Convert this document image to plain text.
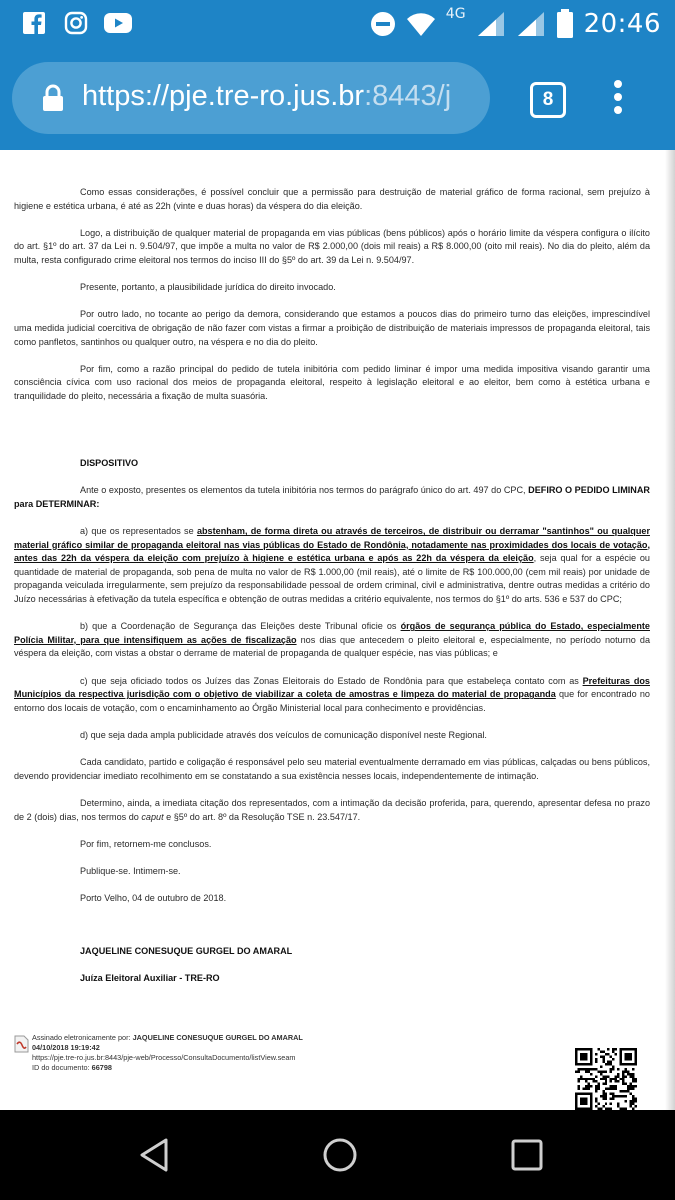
4G	20:46
https://pje.tre-ro.jus.br:8443/j	8

Como essas considerações, é possível concluir que a permissão para destruição de material gráfico de forma racional, sem prejuízo à higiene e estética urbana, é até as 22h (vinte e duas horas) da véspera do dia eleição.

Logo, a distribuição de qualquer material de propaganda em vias públicas (bens públicos) após o horário limite da véspera configura o ilícito do art. §1º do art. 37 da Lei n. 9.504/97, que impõe a multa no valor de R$ 2.000,00 (dois mil reais) a R$ 8.000,00 (oito mil reais). No dia do pleito, além da multa, resta configurado crime eleitoral nos termos do inciso III do §5º do art. 39 da Lei n. 9.504/97.

Presente, portanto, a plausibilidade jurídica do direito invocado.

Por outro lado, no tocante ao perigo da demora, considerando que estamos a poucos dias do primeiro turno das eleições, imprescindível uma medida judicial coercitiva de obrigação de não fazer com vistas a firmar a proibição de distribuição de materiais impressos de propaganda eleitoral, tais como panfletos, santinhos ou qualquer outro, na véspera e no dia do pleito.

Por fim, como a razão principal do pedido de tutela inibitória com pedido liminar é impor uma medida impositiva visando garantir uma consciência cívica com uso racional dos meios de propaganda eleitoral, respeito à legislação eleitoral e ao eleitor, bem como à estética urbana e tranquilidade do pleito, necessária a fixação de multa suasória.

DISPOSITIVO

Ante o exposto, presentes os elementos da tutela inibitória nos termos do parágrafo único do art. 497 do CPC, DEFIRO O PEDIDO LIMINAR para DETERMINAR:

a) que os representados se abstenham, de forma direta ou através de terceiros, de distribuir ou derramar "santinhos" ou qualquer material gráfico similar de propaganda eleitoral nas vias públicas do Estado de Rondônia, notadamente nas proximidades dos locais de votação, antes das 22h da véspera da eleição com prejuízo à higiene e estética urbana e após as 22h da véspera da eleição, seja qual for a espécie ou quantidade de material de propaganda, sob pena de multa no valor de R$ 1.000,00 (mil reais), até o limite de R$ 100.000,00 (cem mil reais) por unidade de propaganda veiculada irregularmente, sem prejuízo da responsabilidade pessoal de ordem criminal, civil e administrativa, dentre outras medidas a critério do Juízo necessárias à efetivação da tutela específica e obtenção de outras medidas a critério equivalente, nos termos do §1º do arts. 536 e 537 do CPC;

b) que a Coordenação de Segurança das Eleições deste Tribunal oficie os órgãos de segurança pública do Estado, especialmente Polícia Militar, para que intensifiquem as ações de fiscalização nos dias que antecedem o pleito eleitoral e, especialmente, no período noturno da véspera da eleição, com vistas a obstar o derrame de material de propaganda de qualquer espécie, nas vias públicas; e

c) que seja oficiado todos os Juízes das Zonas Eleitorais do Estado de Rondônia para que estabeleça contato com as Prefeituras dos Municípios da respectiva jurisdição com o objetivo de viabilizar a coleta de amostras e limpeza do material de propaganda que for encontrado no entorno dos locais de votação, com o encaminhamento ao Órgão Ministerial local para conhecimento e providências.

d) que seja dada ampla publicidade através dos veículos de comunicação disponível neste Regional.

Cada candidato, partido e coligação é responsável pelo seu material eventualmente derramado em vias públicas, calçadas ou bens públicos, devendo providenciar imediato recolhimento em se constatando a sua existência nesses locais, independentemente de intimação.

Determino, ainda, a imediata citação dos representados, com a intimação da decisão proferida, para, querendo, apresentar defesa no prazo de 2 (dois) dias, nos termos do caput e §5º do art. 8º da Resolução TSE n. 23.547/17.

Por fim, retornem-me conclusos.

Publique-se. Intimem-se.

Porto Velho, 04 de outubro de 2018.

JAQUELINE CONESUQUE GURGEL DO AMARAL

Juíza Eleitoral Auxiliar - TRE-RO

Assinado eletronicamente por: JAQUELINE CONESUQUE GURGEL DO AMARAL
04/10/2018 19:19:42
https://pje.tre-ro.jus.br:8443/pje-web/Processo/ConsultaDocumento/listView.seam
ID do documento: 66798
